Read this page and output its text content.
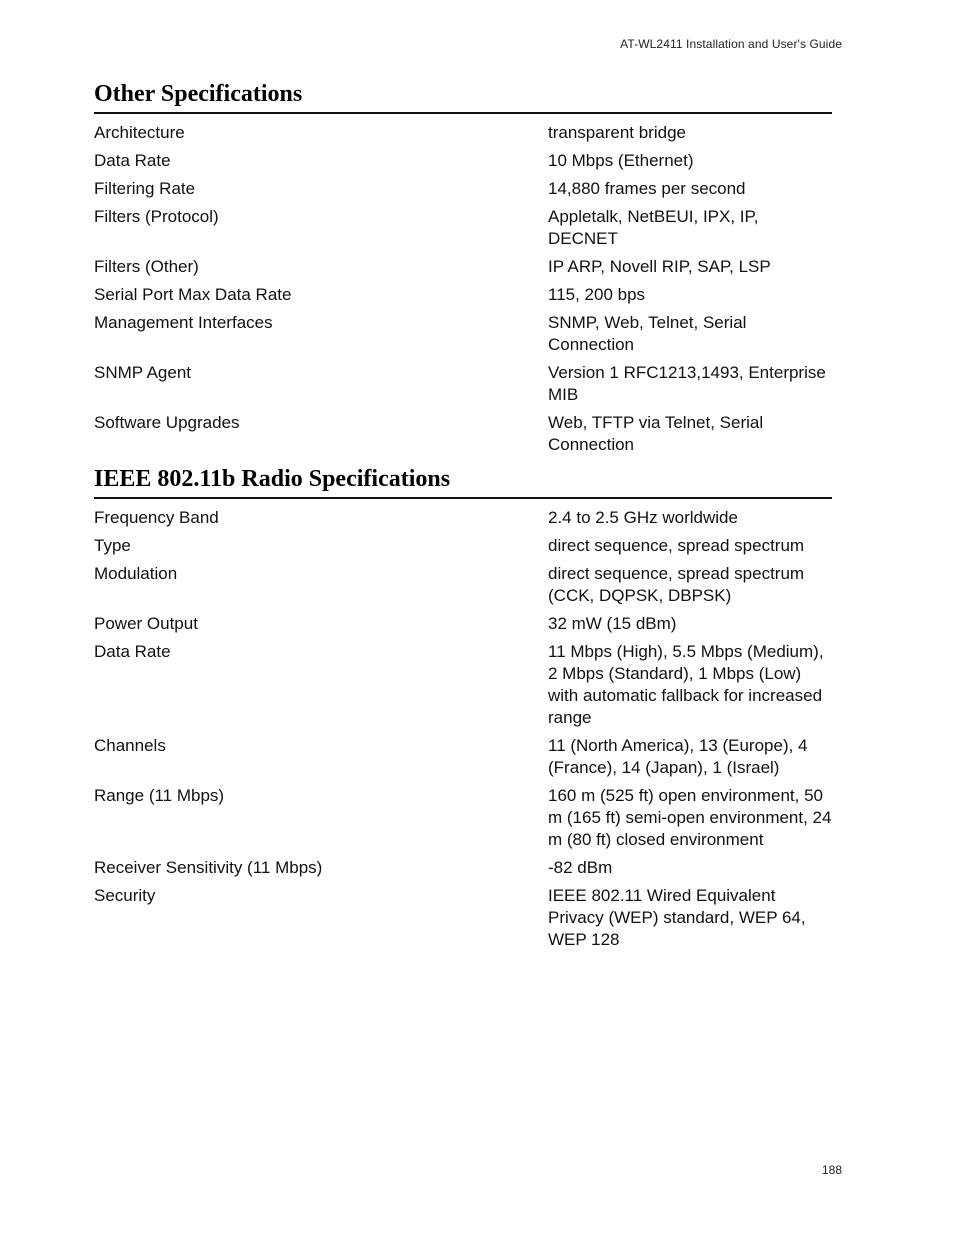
AT-WL2411 Installation and User's Guide
Other Specifications
Architecture	transparent bridge
Data Rate	10 Mbps (Ethernet)
Filtering Rate	14,880 frames per second
Filters (Protocol)	Appletalk, NetBEUI, IPX, IP, DECNET
Filters (Other)	IP ARP, Novell RIP, SAP, LSP
Serial Port Max Data Rate	115, 200 bps
Management Interfaces	SNMP, Web, Telnet, Serial Connection
SNMP Agent	Version 1 RFC1213,1493, Enterprise MIB
Software Upgrades	Web, TFTP via Telnet, Serial Connection
IEEE 802.11b Radio Specifications
Frequency Band	2.4 to 2.5 GHz worldwide
Type	direct sequence, spread spectrum
Modulation	direct sequence, spread spectrum (CCK, DQPSK, DBPSK)
Power Output	32 mW (15 dBm)
Data Rate	11 Mbps (High), 5.5 Mbps (Medium), 2 Mbps (Standard), 1 Mbps (Low) with automatic fallback for increased range
Channels	11 (North America), 13 (Europe), 4 (France), 14 (Japan), 1 (Israel)
Range (11 Mbps)	160 m (525 ft) open environment, 50 m (165 ft) semi-open environment, 24 m (80 ft) closed environment
Receiver Sensitivity (11 Mbps)	-82 dBm
Security	IEEE 802.11 Wired Equivalent Privacy (WEP) standard, WEP 64, WEP 128
188
